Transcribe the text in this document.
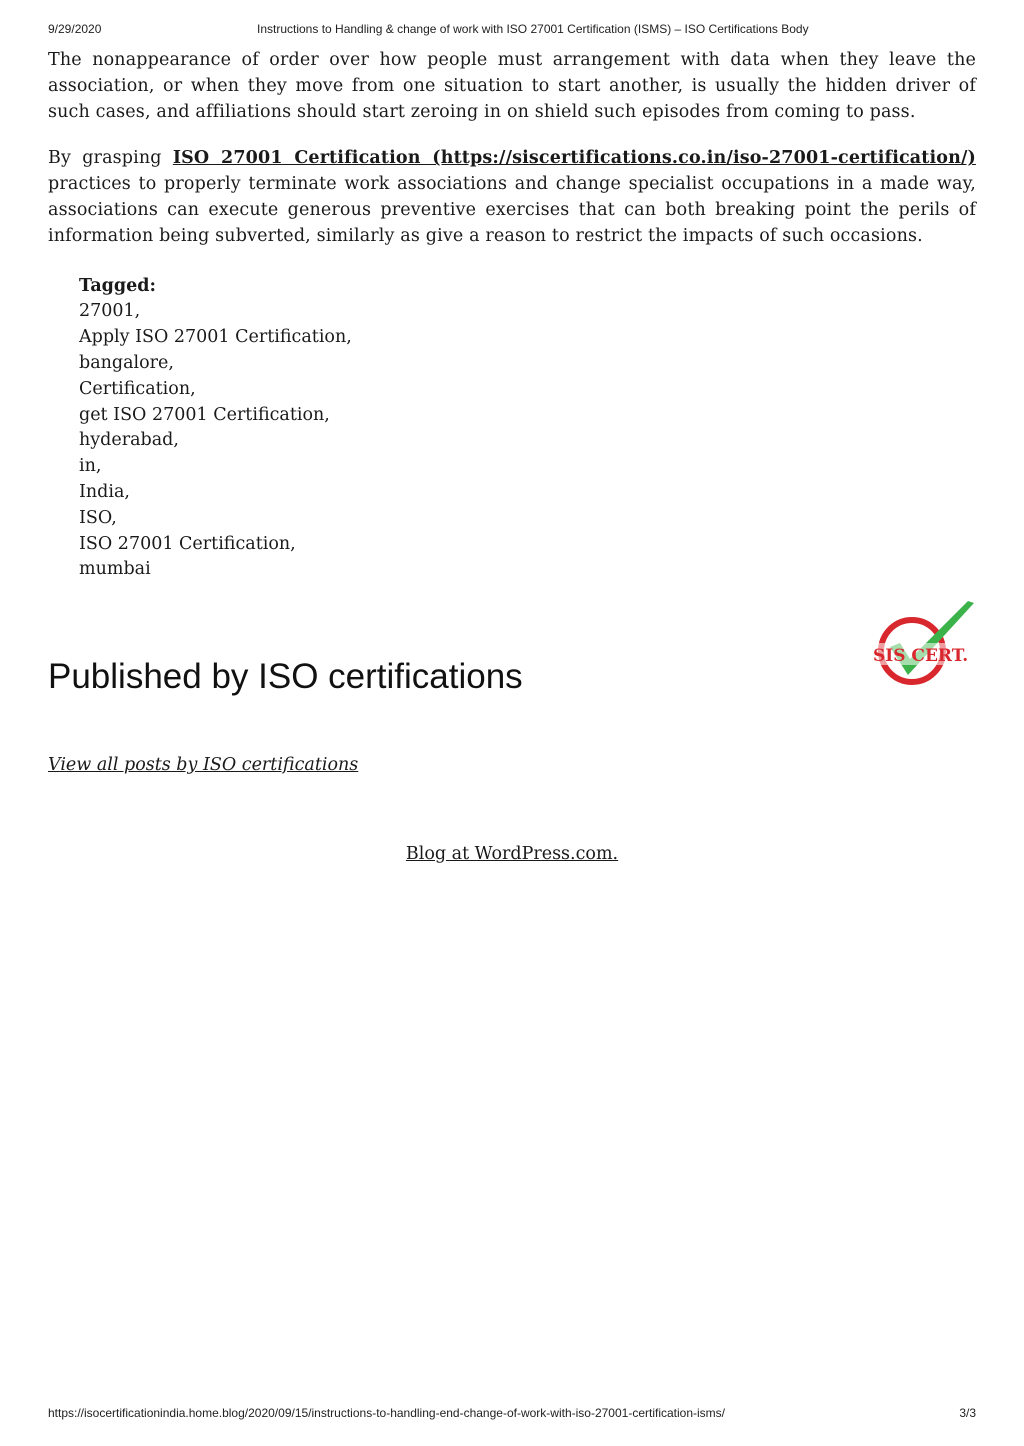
9/29/2020	Instructions to Handling & change of work with ISO 27001 Certification (ISMS) – ISO Certifications Body

The nonappearance of order over how people must arrangement with data when they leave the association, or when they move from one situation to start another, is usually the hidden driver of such cases, and affiliations should start zeroing in on shield such episodes from coming to pass.

By grasping ISO 27001 Certification (https://siscertifications.co.in/iso-27001-certification/) practices to properly terminate work associations and change specialist occupations in a made way, associations can execute generous preventive exercises that can both breaking point the perils of information being subverted, similarly as give a reason to restrict the impacts of such occasions.

Tagged:
27001,
Apply ISO 27001 Certification,
bangalore,
Certification,
get ISO 27001 Certification,
hyderabad,
in,
India,
ISO,
ISO 27001 Certification,
mumbai
Published by ISO certifications
SIS CERT.
View all posts by ISO certifications
Blog at WordPress.com.
https://isocertificationindia.home.blog/2020/09/15/instructions-to-handling-end-change-of-work-with-iso-27001-certification-isms/	3/3
